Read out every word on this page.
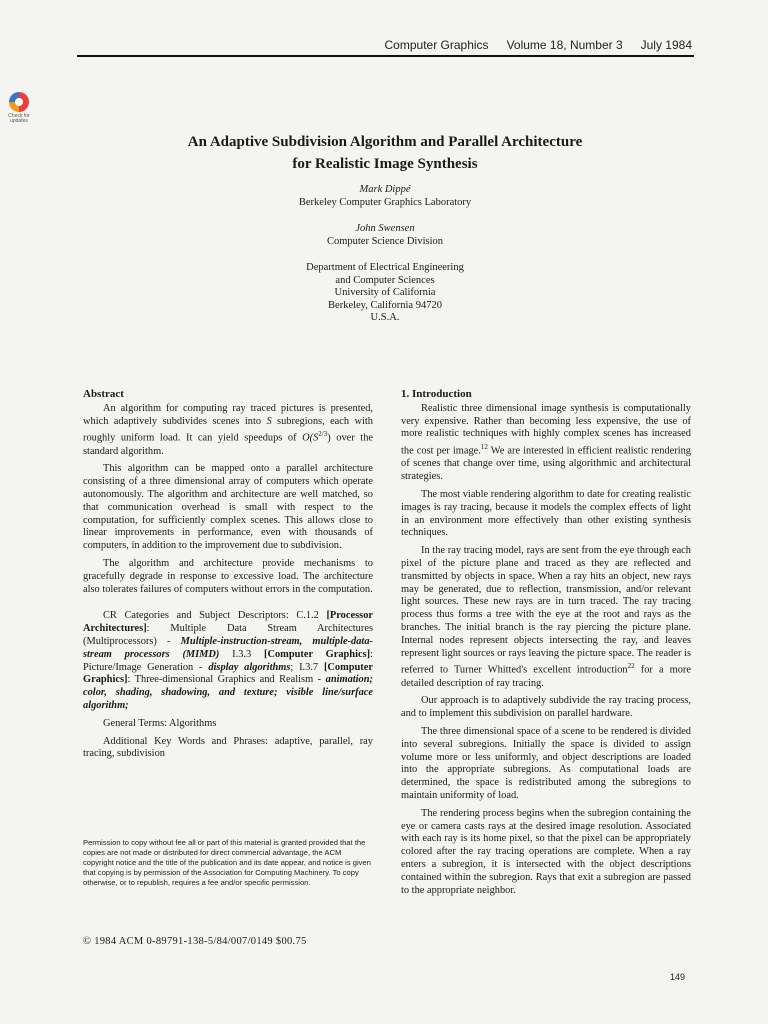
Computer Graphics Volume 18, Number 3 July 1984
Check for updates
An Adaptive Subdivision Algorithm and Parallel Architecture
for Realistic Image Synthesis
Mark Dippé
Berkeley Computer Graphics Laboratory
John Swensen
Computer Science Division
Department of Electrical Engineering
and Computer Sciences
University of California
Berkeley, California 94720
U.S.A.
Abstract

An algorithm for computing ray traced pictures is presented, which adaptively subdivides scenes into S subregions, each with roughly uniform load. It can yield speedups of $O(S^{2/3})$ over the standard algorithm.

This algorithm can be mapped onto a parallel architecture consisting of a three dimensional array of computers which operate autonomously. The algorithm and architecture are well matched, so that communication overhead is small with respect to the computation, for sufficiently complex scenes. This allows close to linear improvements in performance, even with thousands of computers, in addition to the improvement due to subdivision.

The algorithm and architecture provide mechanisms to gracefully degrade in response to excessive load. The architecture also tolerates failures of computers without errors in the computation.

CR Categories and Subject Descriptors: C.1.2 [Processor Architectures]: Multiple Data Stream Architectures (Multiprocessors) - Multiple-instruction-stream, multiple-data-stream processors (MIMD) I.3.3 [Computer Graphics]: Picture/Image Generation - display algorithms; I.3.7 [Computer Graphics]: Three-dimensional Graphics and Realism - animation; color, shading, shadowing, and texture; visible line/surface algorithm;

General Terms: Algorithms

Additional Key Words and Phrases: adaptive, parallel, ray tracing, subdivision

Permission to copy without fee all or part of this material is granted provided that the copies are not made or distributed for direct commercial advantage, the ACM copyright notice and the title of the publication and its date appear, and notice is given that copying is by permission of the Association for Computing Machinery. To copy otherwise, or to republish, requires a fee and/or specific permission.
© 1984 ACM 0-89791-138-5/84/007/0149 $00.75
1. Introduction

Realistic three dimensional image synthesis is computationally very expensive. Rather than becoming less expensive, the use of more realistic techniques with highly complex scenes has increased the cost per image.$^{12}$ We are interested in efficient realistic rendering of scenes that change over time, using algorithmic and architectural strategies.

The most viable rendering algorithm to date for creating realistic images is ray tracing, because it models the complex effects of light in an environment more effectively than other existing synthesis techniques.

In the ray tracing model, rays are sent from the eye through each pixel of the picture plane and traced as they are reflected and transmitted by objects in space. When a ray hits an object, new rays may be generated, due to reflection, transmission, and/or relevant light sources. These new rays are in turn traced. The ray tracing process thus forms a tree with the eye at the root and rays as the branches. The initial branch is the ray piercing the picture plane. Internal nodes represent objects intersecting the ray, and leaves represent light sources or rays leaving the picture space. The reader is referred to Turner Whitted's excellent introduction$^{22}$ for a more detailed description of ray tracing.

Our approach is to adaptively subdivide the ray tracing process, and to implement this subdivision on parallel hardware.

The three dimensional space of a scene to be rendered is divided into several subregions. Initially the space is divided to assign volume more or less uniformly, and object descriptions are loaded into the appropriate subregions. As computational loads are determined, the space is redistributed among the subregions to maintain uniformity of load.

The rendering process begins when the subregion containing the eye or camera casts rays at the desired image resolution. Associated with each ray is its home pixel, so that the pixel can be appropriately colored after the ray tracing operations are complete. When a ray enters a subregion, it is intersected with the object descriptions contained within the subregion. Rays that exit a subregion are passed to the appropriate neighbor.

149
